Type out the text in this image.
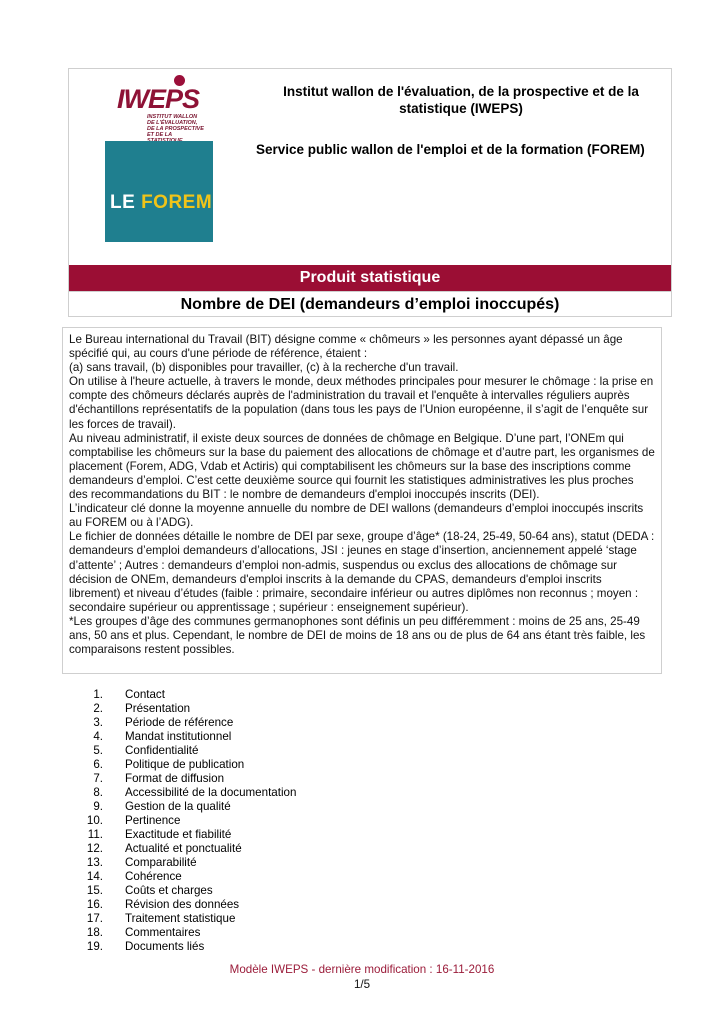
IWEPS
INSTITUT WALLON
DE L'ÉVALUATION,
DE LA PROSPECTIVE
ET DE LA
LE FOREM
Institut wallon de l'évaluation, de la prospective et de la statistique (IWEPS)
Service public wallon de l'emploi et de la formation (FOREM)
Produit statistique
Nombre de DEI (demandeurs d’emploi inoccupés)

Le Bureau international du Travail (BIT) désigne comme « chômeurs » les personnes ayant dépassé un âge spécifié qui, au cours d'une période de référence, étaient :

(a) sans travail, (b) disponibles pour travailler, (c) à la recherche d'un travail.

On utilise à l'heure actuelle, à travers le monde, deux méthodes principales pour mesurer le chômage : la prise en compte des chômeurs déclarés auprès de l'administration du travail et l'enquête à intervalles réguliers auprès d'échantillons représentatifs de la population (dans tous les pays de l’Union européenne, il s’agit de l’enquête sur les forces de travail).

Au niveau administratif, il existe deux sources de données de chômage en Belgique. D’une part, l’ONEm qui comptabilise les chômeurs sur la base du paiement des allocations de chômage et d’autre part, les organismes de placement (Forem, ADG, Vdab et Actiris) qui comptabilisent les chômeurs sur la base des inscriptions comme demandeurs d’emploi. C’est cette deuxième source qui fournit les statistiques administratives les plus proches des recommandations du BIT : le nombre de demandeurs d'emploi inoccupés inscrits (DEI).

L’indicateur clé donne la moyenne annuelle du nombre de DEI wallons (demandeurs d’emploi inoccupés inscrits au FOREM ou à l’ADG).

Le fichier de données détaille le nombre de DEI par sexe, groupe d’âge* (18-24, 25-49, 50-64 ans), statut (DEDA : demandeurs d’emploi demandeurs d’allocations, JSI : jeunes en stage d’insertion, anciennement appelé ‘stage d’attente’ ; Autres : demandeurs d’emploi non-admis, suspendus ou exclus des allocations de chômage sur décision de ONEm, demandeurs d'emploi inscrits à la demande du CPAS, demandeurs d'emploi inscrits librement) et niveau d’études (faible : primaire, secondaire inférieur ou autres diplômes non reconnus ; moyen : secondaire supérieur ou apprentissage ; supérieur : enseignement supérieur).

*Les groupes d’âge des communes germanophones sont définis un peu différemment : moins de 25 ans, 25-49 ans, 50 ans et plus. Cependant, le nombre de DEI de moins de 18 ans ou de plus de 64 ans étant très faible, les comparaisons restent possibles.

1. Contact
2. Présentation
3. Période de référence
4. Mandat institutionnel
5. Confidentialité
6. Politique de publication
7. Format de diffusion
8. Accessibilité de la documentation
9. Gestion de la qualité
10. Pertinence
11. Exactitude et fiabilité
12. Actualité et ponctualité
13. Comparabilité
14. Cohérence
15. Coûts et charges
16. Révision des données
17. Traitement statistique
18. Commentaires
19. Documents liés
Modèle IWEPS - dernière modification : 16-11-2016
1/5
